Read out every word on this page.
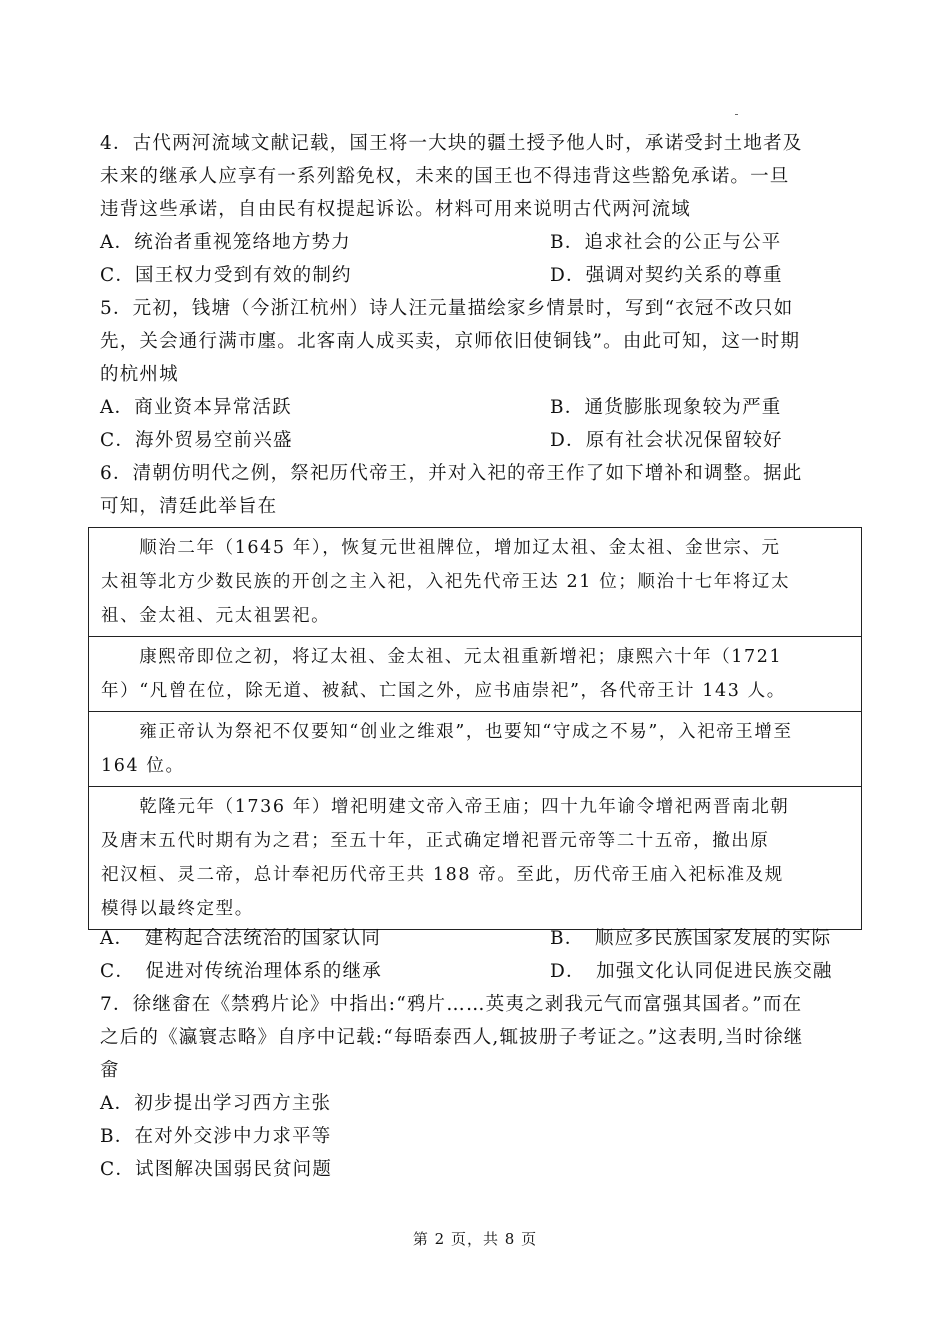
4．古代两河流域文献记载，国王将一大块的疆土授予他人时，承诺受封土地者及
未来的继承人应享有一系列豁免权，未来的国王也不得违背这些豁免承诺。一旦
违背这些承诺，自由民有权提起诉讼。材料可用来说明古代两河流域
A．统治者重视笼络地方势力	B．追求社会的公正与公平
C．国王权力受到有效的制约	D．强调对契约关系的尊重
5．元初，钱塘（今浙江杭州）诗人汪元量描绘家乡情景时，写到“衣冠不改只如
先，关会通行满市廛。北客南人成买卖，京师依旧使铜钱”。由此可知，这一时期
的杭州城
A．商业资本异常活跃	B．通货膨胀现象较为严重
C．海外贸易空前兴盛	D．原有社会状况保留较好
6．清朝仿明代之例，祭祀历代帝王，并对入祀的帝王作了如下增补和调整。据此
可知，清廷此举旨在
　　顺治二年（1645 年），恢复元世祖牌位，增加辽太祖、金太祖、金世宗、元
太祖等北方少数民族的开创之主入祀，入祀先代帝王达 21 位；顺治十七年将辽太
祖、金太祖、元太祖罢祀。

　　康熙帝即位之初，将辽太祖、金太祖、元太祖重新增祀；康熙六十年（1721
年）“凡曾在位，除无道、被弑、亡国之外，应书庙崇祀”，各代帝王计 143 人。

　　雍正帝认为祭祀不仅要知“创业之维艰”，也要知“守成之不易”，入祀帝王增至
164 位。

　　乾隆元年（1736 年）增祀明建文帝入帝王庙；四十九年谕令增祀两晋南北朝
及唐末五代时期有为之君；至五十年，正式确定增祀晋元帝等二十五帝，撤出原
祀汉桓、灵二帝，总计奉祀历代帝王共 188 帝。至此，历代帝王庙入祀标准及规
模得以最终定型。
A．　建构起合法统治的国家认同	B．　顺应多民族国家发展的实际
C．　促进对传统治理体系的继承	D．　加强文化认同促进民族交融
7．徐继畲在《禁鸦片论》中指出:“鸦片……英夷之剥我元气而富强其国者。”而在
之后的《瀛寰志略》自序中记载:“每晤泰西人,辄披册子考证之。”这表明,当时徐继
畲
A．初步提出学习西方主张
B．在对外交涉中力求平等
C．试图解决国弱民贫问题
第 2 页，共 8 页
